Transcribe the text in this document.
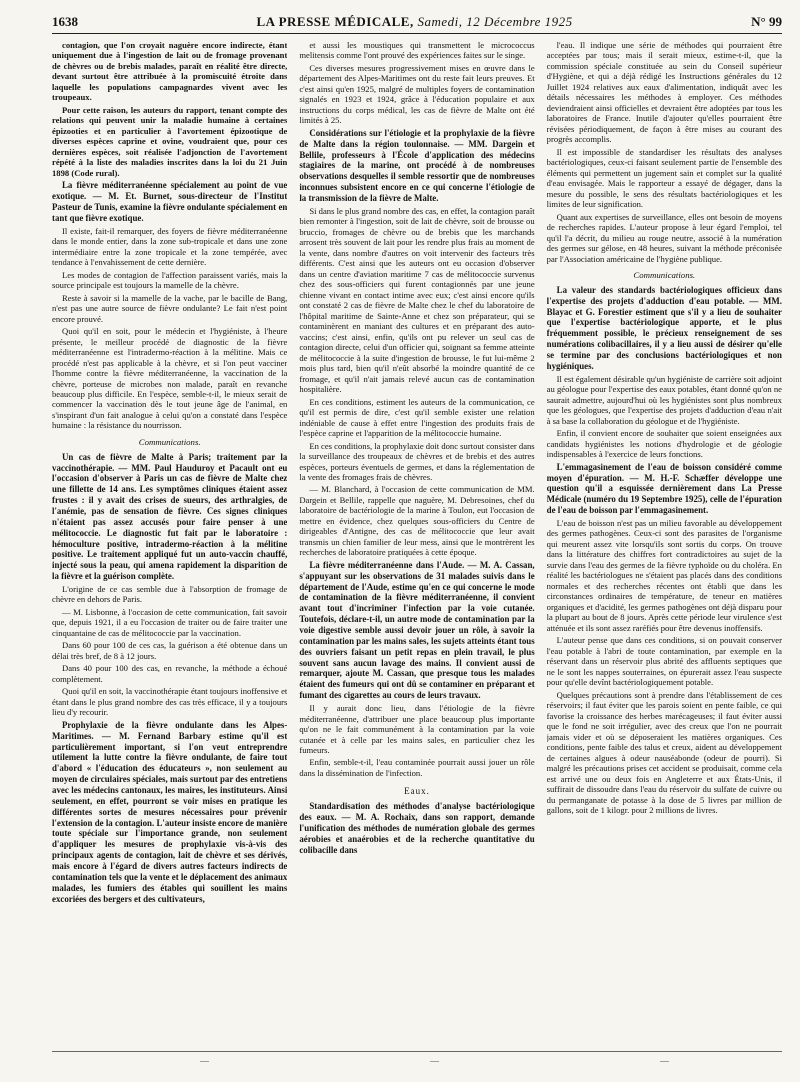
1638	LA PRESSE MÉDICALE, Samedi, 12 Décembre 1925	N° 99

contagion, que l'on croyait naguère encore indirecte, étant uniquement due à l'ingestion de lait ou de fromage provenant de chèvres ou de brebis malades, paraît en réalité être directe, devant surtout être attribuée à la promiscuité étroite dans laquelle les populations campagnardes vivent avec les troupeaux.

Pour cette raison, les auteurs du rapport, tenant compte des relations qui peuvent unir la maladie humaine à certaines épizooties et en particulier à l'avortement épizootique de diverses espèces caprine et ovine, voudraient que, pour ces dernières espèces, soit réalisée l'adjonction de l'avortement répété à la liste des maladies inscrites dans la loi du 21 Juin 1898 (Code rural).

La fièvre méditerranéenne spécialement au point de vue exotique. — M. Et. Burnet, sous-directeur de l'Institut Pasteur de Tunis, examine la fièvre ondulante spécialement en tant que fièvre exotique.

Il existe, fait-il remarquer, des foyers de fièvre méditerranéenne dans le monde entier, dans la zone sub-tropicale et dans une zone intermédiaire entre la zone tropicale et la zone tempérée, avec tendance à l'envahissement de cette dernière.

Les modes de contagion de l'affection paraissent variés, mais la source principale est toujours la mamelle de la chèvre.

Reste à savoir si la mamelle de la vache, par le bacille de Bang, n'est pas une autre source de fièvre ondulante? Le fait n'est point encore prouvé.

Quoi qu'il en soit, pour le médecin et l'hygiéniste, à l'heure présente, le meilleur procédé de diagnostic de la fièvre méditerranéenne est l'intradermo-réaction à la mélitine. Mais ce procédé n'est pas applicable à la chèvre, et si l'on peut vacciner l'homme contre la fièvre méditerranéenne, la vaccination de la chèvre, porteuse de microbes non malade, paraît en revanche beaucoup plus difficile. En l'espèce, semble-t-il, le mieux serait de commencer la vaccination dès le tout jeune âge de l'animal, en s'inspirant d'un fait analogue à celui qu'on a constaté dans l'espèce humaine : la résistance du nourrisson.

Communications.

Un cas de fièvre de Malte à Paris; traitement par la vaccinothérapie. — MM. Paul Hauduroy et Pacault ont eu l'occasion d'observer à Paris un cas de fièvre de Malte chez une fillette de 14 ans. Les symptômes cliniques étaient assez frustes : il y avait des crises de sueurs, des arthralgies, de l'anémie, pas de sensation de fièvre. Ces signes cliniques n'étaient pas assez accusés pour faire penser à une mélitococcie. Le diagnostic fut fait par le laboratoire : hémoculture positive, intradermo-réaction à la mélitine positive. Le traitement appliqué fut un auto-vaccin chauffé, injecté sous la peau, qui amena rapidement la disparition de la fièvre et la guérison complète.

L'origine de ce cas semble due à l'absorption de fromage de chèvre en dehors de Paris.

— M. Lisbonne, à l'occasion de cette communication, fait savoir que, depuis 1921, il a eu l'occasion de traiter ou de faire traiter une cinquantaine de cas de mélitococcie par la vaccination.

Dans 60 pour 100 de ces cas, la guérison a été obtenue dans un délai très bref, de 8 à 12 jours.

Dans 40 pour 100 des cas, en revanche, la méthode a échoué complètement.

Quoi qu'il en soit, la vaccinothérapie étant toujours inoffensive et étant dans le plus grand nombre des cas très efficace, il y a toujours lieu d'y recourir.

Prophylaxie de la fièvre ondulante dans les Alpes-Maritimes. — M. Fernand Barbary estime qu'il est particulièrement important, si l'on veut entreprendre utilement la lutte contre la fièvre ondulante, de faire tout d'abord « l'éducation des éducateurs », non seulement au moyen de circulaires spéciales, mais surtout par des entretiens avec les médecins cantonaux, les maires, les instituteurs. Ainsi seulement, en effet, pourront se voir mises en pratique les différentes sortes de mesures nécessaires pour prévenir l'extension de la contagion. L'auteur insiste encore de manière toute spéciale sur l'importance grande, non seulement d'appliquer les mesures de prophylaxie vis-à-vis des principaux agents de contagion, lait de chèvre et ses dérivés, mais encore à l'égard de divers autres facteurs indirects de contamination tels que la vente et le déplacement des animaux malades, les fumiers des étables qui souillent les mains excoriées des bergers et des cultivateurs,

et aussi les moustiques qui transmettent le micrococcus melitensis comme l'ont prouvé des expériences faites sur le singe.

Ces diverses mesures progressivement mises en œuvre dans le département des Alpes-Maritimes ont du reste fait leurs preuves. Et c'est ainsi qu'en 1925, malgré de multiples foyers de contamination signalés en 1923 et 1924, grâce à l'éducation populaire et aux instructions du corps médical, les cas de fièvre de Malte ont été limités à 25.

Considérations sur l'étiologie et la prophylaxie de la fièvre de Malte dans la région toulonnaise. — MM. Dargein et Bellile, professeurs à l'École d'application des médecins stagiaires de la marine, ont procédé à de nombreuses observations desquelles il semble ressortir que de nombreuses inconnues subsistent encore en ce qui concerne l'étiologie de la transmission de la fièvre de Malte.

Si dans le plus grand nombre des cas, en effet, la contagion paraît bien remonter à l'ingestion, soit de lait de chèvre, soit de brousse ou bruccio, fromages de chèvre ou de brebis que les marchands arrosent très souvent de lait pour les rendre plus frais au moment de la vente, dans nombre d'autres on voit intervenir des facteurs très différents. C'est ainsi que les auteurs ont eu occasion d'observer dans un centre d'aviation maritime 7 cas de mélitococcie survenus chez des sous-officiers qui furent contagionnés par une jeune chienne vivant en contact intime avec eux; c'est ainsi encore qu'ils ont constaté 2 cas de fièvre de Malte chez le chef du laboratoire de l'hôpital maritime de Sainte-Anne et chez son préparateur, qui se contaminèrent en maniant des cultures et en préparant des auto-vaccins; c'est ainsi, enfin, qu'ils ont pu relever un seul cas de contagion directe, celui d'un officier qui, soignant sa femme atteinte de mélitococcie à la suite d'ingestion de brousse, le fut lui-même 2 mois plus tard, bien qu'il n'eût absorbé la moindre quantité de ce fromage, et qu'il n'ait jamais relevé aucun cas de contamination hospitalière.

En ces conditions, estiment les auteurs de la communication, ce qu'il est permis de dire, c'est qu'il semble exister une relation indéniable de cause à effet entre l'ingestion des produits frais de l'espèce caprine et l'apparition de la mélitococcie humaine.

En ces conditions, la prophylaxie doit donc surtout consister dans la surveillance des troupeaux de chèvres et de brebis et des autres espèces, porteurs éventuels de germes, et dans la réglementation de la vente des fromages frais de chèvres.

— M. Blanchard, à l'occasion de cette communication de MM. Dargein et Bellile, rappelle que naguère, M. Debresoines, chef du laboratoire de bactériologie de la marine à Toulon, eut l'occasion de mettre en évidence, chez quelques sous-officiers du Centre de dirigeables d'Antigne, des cas de mélitococcie que leur avait transmis un chien familier de leur mess, ainsi que le montrèrent les recherches de laboratoire pratiquées à cette époque.

La fièvre méditerranéenne dans l'Aude. — M. A. Cassan, s'appuyant sur les observations de 31 malades suivis dans le département de l'Aude, estime qu'en ce qui concerne le mode de contamination de la fièvre méditerranéenne, il convient avant tout d'incriminer l'infection par la voie cutanée. Toutefois, déclare-t-il, un autre mode de contamination par la voie digestive semble aussi devoir jouer un rôle, à savoir la contamination par les mains sales, les sujets atteints étant tous des ouvriers faisant un petit repas en plein travail, le plus souvent sans aucun lavage des mains. Il convient aussi de remarquer, ajoute M. Cassan, que presque tous les malades étaient des fumeurs qui ont dû se contaminer en préparant et fumant des cigarettes au cours de leurs travaux.

Il y aurait donc lieu, dans l'étiologie de la fièvre méditerranéenne, d'attribuer une place beaucoup plus importante qu'on ne le fait communément à la contamination par la voie cutanée et à celle par les mains sales, en particulier chez les fumeurs.

Enfin, semble-t-il, l'eau contaminée pourrait aussi jouer un rôle dans la dissémination de l'infection.

Eaux.

Standardisation des méthodes d'analyse bactériologique des eaux. — M. A. Rochaix, dans son rapport, demande l'unification des méthodes de numération globale des germes aérobies et anaérobies et de la recherche quantitative du colibacille dans

l'eau. Il indique une série de méthodes qui pourraient être acceptées par tous; mais il serait mieux, estime-t-il, que la commission spéciale constituée au sein du Conseil supérieur d'Hygiène, et qui a déjà rédigé les Instructions générales du 12 Juillet 1924 relatives aux eaux d'alimentation, indiquât avec les détails nécessaires les méthodes à employer. Ces méthodes deviendraient ainsi officielles et devraient être adoptées par tous les laboratoires de France. Inutile d'ajouter qu'elles pourraient être révisées périodiquement, de façon à être mises au courant des progrès accomplis.

Il est impossible de standardiser les résultats des analyses bactériologiques, ceux-ci faisant seulement partie de l'ensemble des éléments qui permettent un jugement sain et complet sur la qualité d'eau envisagée. Mais le rapporteur a essayé de dégager, dans la mesure du possible, le sens des résultats bactériologiques et les limites de leur signification.

Quant aux expertises de surveillance, elles ont besoin de moyens de recherches rapides. L'auteur propose à leur égard l'emploi, tel qu'il l'a décrit, du milieu au rouge neutre, associé à la numération des germes sur gélose, en 48 heures, suivant la méthode préconisée par l'Association américaine de l'hygiène publique.

Communications.

La valeur des standards bactériologiques officieux dans l'expertise des projets d'adduction d'eau potable. — MM. Blayac et G. Forestier estiment que s'il y a lieu de souhaiter que l'expertise bactériologique apporte, et le plus fréquemment possible, le précieux renseignement de ses numérations colibacillaires, il y a lieu aussi de désirer qu'elle se termine par des conclusions bactériologiques et non hygiéniques.

Il est également désirable qu'un hygiéniste de carrière soit adjoint au géologue pour l'expertise des eaux potables, étant donné qu'on ne saurait admettre, aujourd'hui où les hygiénistes sont plus nombreux que les géologues, que l'expertise des projets d'adduction d'eau n'ait à sa base la collaboration du géologue et de l'hygiéniste.

Enfin, il convient encore de souhaiter que soient enseignées aux candidats hygiénistes les notions d'hydrologie et de géologie indispensables à l'exercice de leurs fonctions.

L'emmagasinement de l'eau de boisson considéré comme moyen d'épuration. — M. H.-F. Schæffer développe une question qu'il a esquissée dernièrement dans La Presse Médicale (numéro du 19 Septembre 1925), celle de l'épuration de l'eau de boisson par l'emmagasinement.

L'eau de boisson n'est pas un milieu favorable au développement des germes pathogènes. Ceux-ci sont des parasites de l'organisme qui meurent assez vite lorsqu'ils sont sortis du corps. On trouve dans la littérature des chiffres fort contradictoires au sujet de la survie dans l'eau des germes de la fièvre typhoïde ou du choléra. En réalité les bactériologues ne s'étaient pas placés dans des conditions normales et des recherches récentes ont établi que dans les circonstances ordinaires de température, de teneur en matières organiques et d'acidité, les germes pathogènes ont déjà disparu pour la plupart au bout de 8 jours. Après cette période leur virulence s'est atténuée et ils sont assez raréfiés pour être devenus inoffensifs.

L'auteur pense que dans ces conditions, si on pouvait conserver l'eau potable à l'abri de toute contamination, par exemple en la réservant dans un réservoir plus abrité des affluents septiques que ne le sont les nappes souterraines, on épurerait assez l'eau suspecte pour qu'elle devînt bactériologiquement potable.

Quelques précautions sont à prendre dans l'établissement de ces réservoirs; il faut éviter que les parois soient en pente faible, ce qui favorise la croissance des herbes marécageuses; il faut éviter aussi que le fond ne soit irrégulier, avec des creux que l'on ne pourrait jamais vider et où se déposeraient les matières organiques. Ces conditions, pente faible des talus et creux, aident au développement de certaines algues à odeur nauséabonde (odeur de pourri). Si malgré les précautions prises cet accident se produisait, comme cela est arrivé une ou deux fois en Angleterre et aux États-Unis, il suffirait de dissoudre dans l'eau du réservoir du sulfate de cuivre ou du permanganate de potasse à la dose de 5 livres par million de gallons, soit de 1 kilogr. pour 2 millions de livres.

—	—	—
